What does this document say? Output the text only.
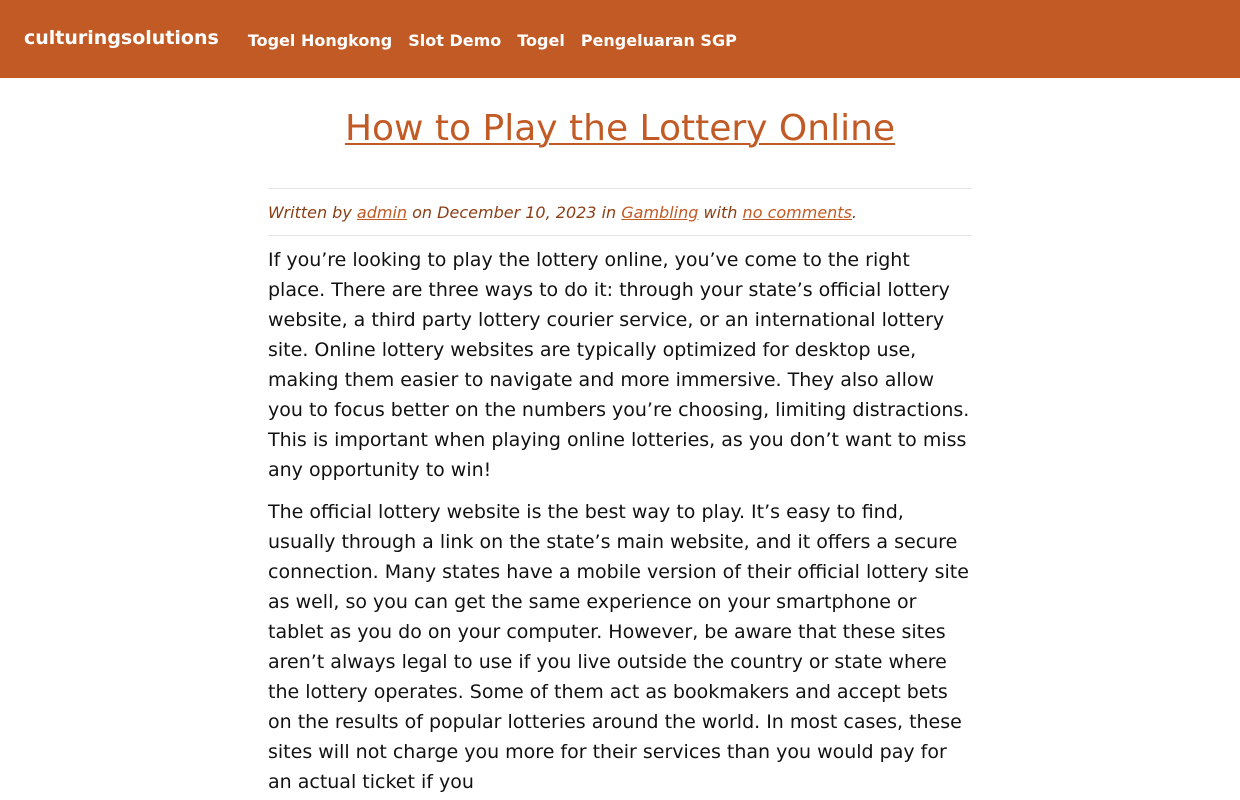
culturingsolutions Togel Hongkong Slot Demo Togel Pengeluaran SGP
How to Play the Lottery Online
Written by
admin
on
December 10, 2023
in
Gambling
with
no comments .

If you’re looking to play the lottery online, you’ve come to the right place. There are three ways to do it: through your state’s official lottery website, a third party lottery courier service, or an international lottery site. Online lottery websites are typically optimized for desktop use, making them easier to navigate and more immersive. They also allow you to focus better on the numbers you’re choosing, limiting distractions. This is important when playing online lotteries, as you don’t want to miss any opportunity to win!

The official lottery website is the best way to play. It’s easy to find, usually through a link on the state’s main website, and it offers a secure connection. Many states have a mobile version of their official lottery site as well, so you can get the same experience on your smartphone or tablet as you do on your computer. However, be aware that these sites aren’t always legal to use if you live outside the country or state where the lottery operates. Some of them act as bookmakers and accept bets on the results of popular lotteries around the world. In most cases, these sites will not charge you more for their services than you would pay for an actual ticket if you
